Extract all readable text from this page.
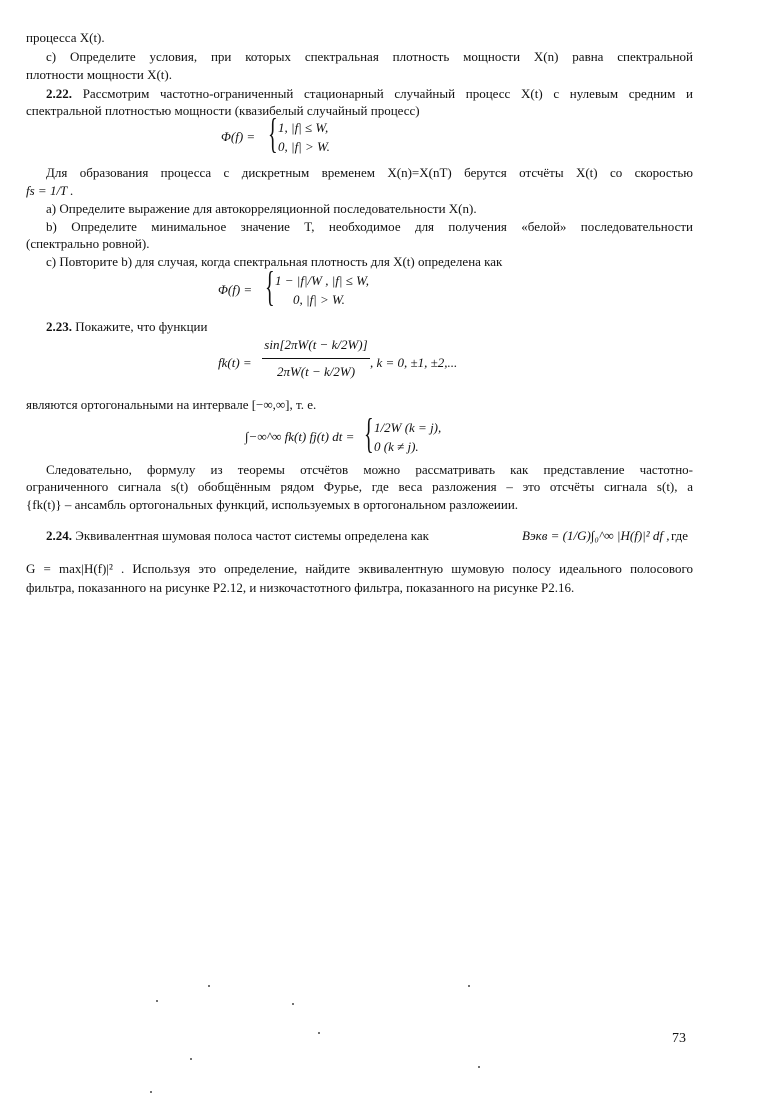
процесса X(t).
c) Определите условия, при которых спектральная плотность мощности X(n) равна спектральной
плотности мощности X(t).
2.22. Рассмотрим частотно-ограниченный стационарный случайный процесс X(t) с нулевым средним и
спектральной плотностью мощности (квазибелый случайный процесс)
Φ(f) = { 1, |f| ≤ W,
0, |f| > W.
Для образования процесса с дискретным временем X(n)=X(nT) берутся отсчёты X(t) со скоростью
fs = 1/T .
a) Определите выражение для автокорреляционной последовательности X(n).
b) Определите минимальное значение T, необходимое для получения «белой» последовательности
(спектрально ровной).
c) Повторите b) для случая, когда спектральная плотность для X(t) определена как
Φ(f) = { 1 − |f|/W , |f| ≤ W,
0, |f| > W.
2.23. Покажите, что функции
fk(t) =
sin[2πW(t − k/2W)]
2πW(t − k/2W)
, k = 0, ±1, ±2,...
являются ортогональными на интервале [−∞,∞], т. е.
∫−∞^∞ fk(t) fj(t) dt = { 1/2W (k = j),
0 (k ≠ j).
Следовательно, формулу из теоремы отсчётов можно рассматривать как представление частотно-
ограниченного сигнала s(t) обобщённым рядом Фурье, где веса разложения – это отсчёты сигнала s(t), а
{fk(t)} – ансамбль ортогональных функций, используемых в ортогональном разложеиии.
2.24. Эквивалентная шумовая полоса частот системы определена как	Bэкв = (1/G)∫₀^∞ |H(f)|² df , где
G = max|H(f)|² . Используя это определение, найдите эквивалентную шумовую полосу идеального полосового
фильтра, показанного на рисунке P2.12, и низкочастотного фильтра, показанного на рисунке P2.16.
73
